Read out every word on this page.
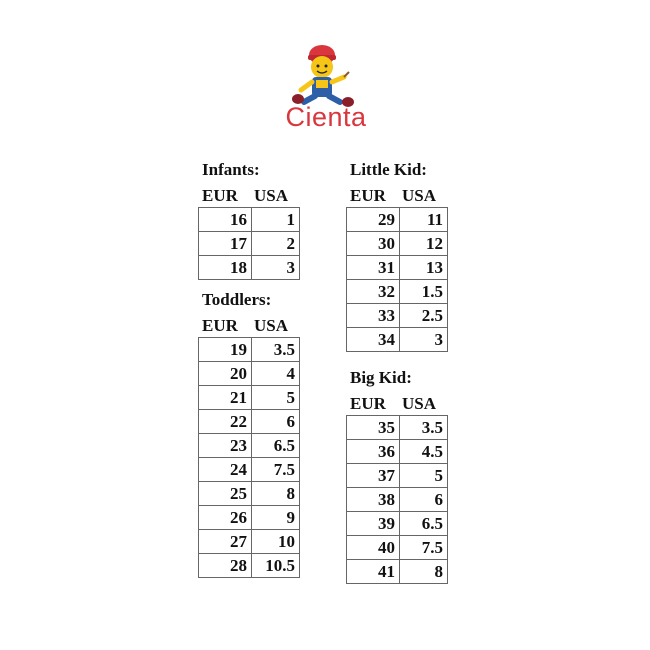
Cienta
Infants:
EUR USA
16	1
17	2
18	3
Toddlers:
EUR USA
19	3.5
20	4
21	5
22	6
23	6.5
24	7.5
25	8
26	9
27	10
28	10.5
Little Kid:
EUR USA
29	11
30	12
31	13
32	1.5
33	2.5
34	3
Big Kid:
EUR USA
35	3.5
36	4.5
37	5
38	6
39	6.5
40	7.5
41	8
